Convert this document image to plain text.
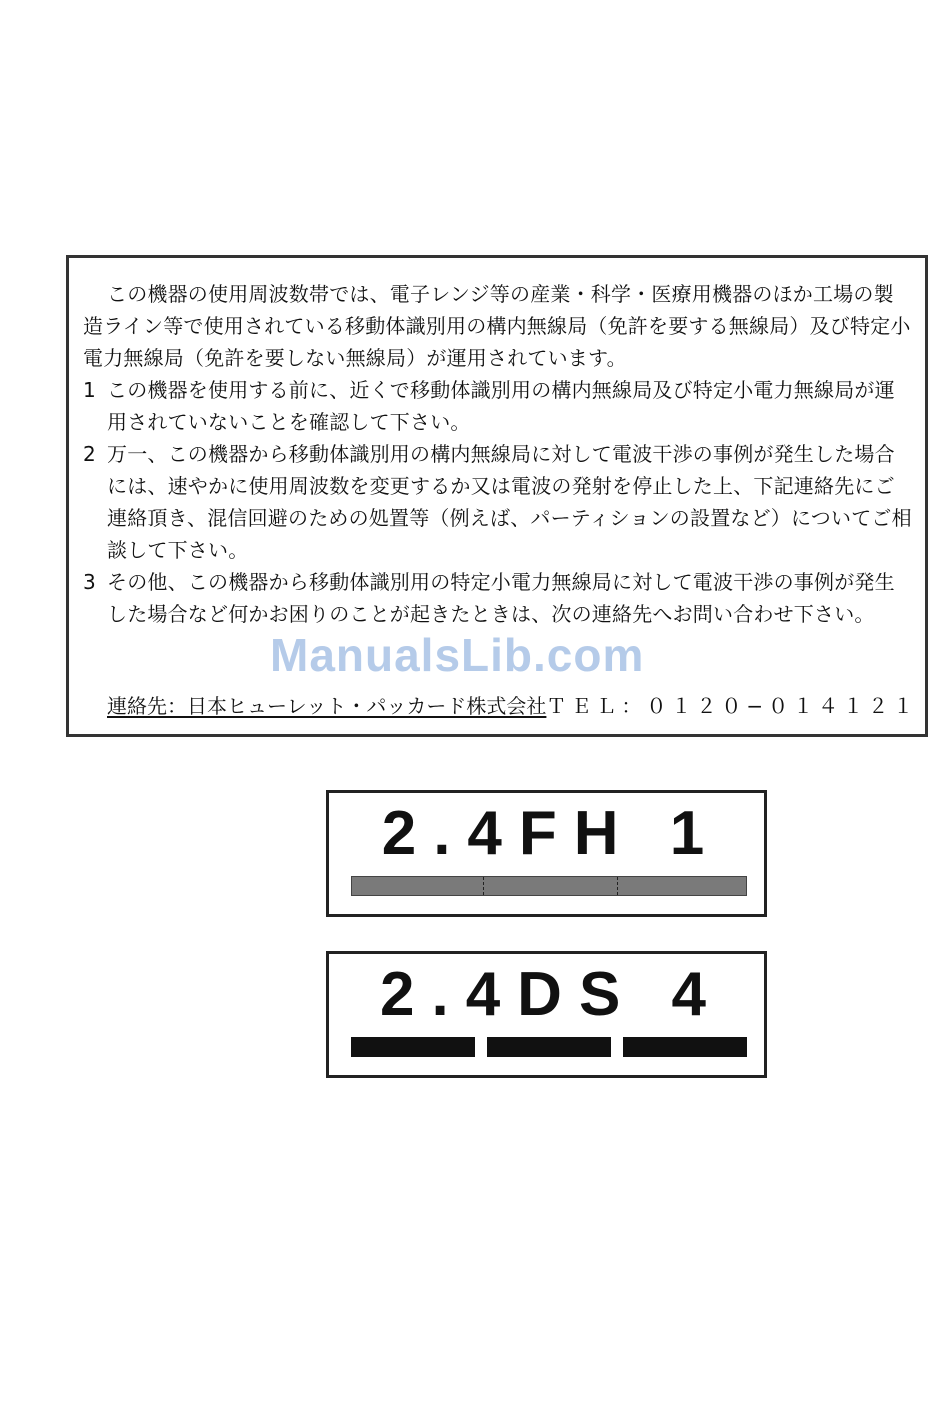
この機器の使用周波数帯では、電子レンジ等の産業・科学・医療用機器のほか工場の製造ライン等で使用されている移動体識別用の構内無線局（免許を要する無線局）及び特定小電力無線局（免許を要しない無線局）が運用されています。

1 この機器を使用する前に、近くで移動体識別用の構内無線局及び特定小電力無線局が運用されていないことを確認して下さい。

2 万一、この機器から移動体識別用の構内無線局に対して電波干渉の事例が発生した場合には、速やかに使用周波数を変更するか又は電波の発射を停止した上、下記連絡先にご連絡頂き、混信回避のための処置等（例えば、パーティションの設置など）についてご相談して下さい。

3 その他、この機器から移動体識別用の特定小電力無線局に対して電波干渉の事例が発生した場合など何かお困りのことが起きたときは、次の連絡先へお問い合わせ下さい。

連絡先：日本ヒューレット・パッカード株式会社 ＴＥＬ：０１２０−０１４１２１
ManualsLib.com
2.4FH 1
2.4DS 4
